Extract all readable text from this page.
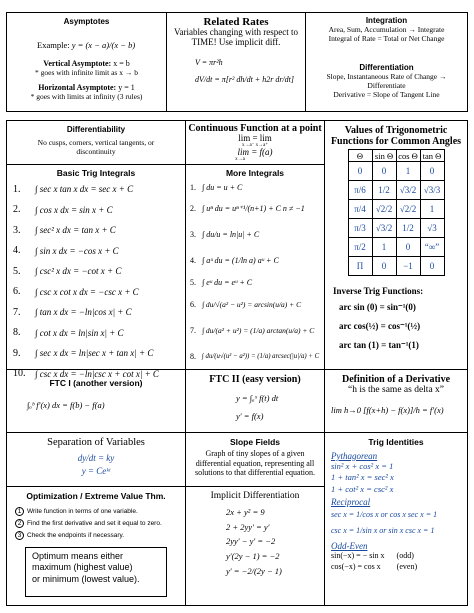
Asymptotes
Example: y = (x − a)/(x − b)
Vertical Asymptote: x = b
* goes with infinite limit as x → b
Horizontal Asymptote: y = 1
* goes with limits at infinity (3 rules)
Related Rates
Variables changing with respect to
TIME! Use implicit diff.
V = πr²h
dV/dt = π[r² dh/dt + h2r dr/dt]
Integration
Area, Sum, Accumulation → Integrate
Integral of Rate = Total or Net Change
Differentiation
Slope, Instantaneous Rate of Change →
Differentiate
Derivative = Slope of Tangent Line
Differentiability
No cusps, corners, vertical tangents, or
discontinuity
Basic Trig Integrals
1.	∫ sec x tan x dx = sec x + C
2.	∫ cos x dx = sin x + C
3.	∫ sec² x dx = tan x + C
4.	∫ sin x dx = −cos x + C
5.	∫ csc² x dx = −cot x + C
6.	∫ csc x cot x dx = −csc x + C
7.	∫ tan x dx = −ln|cos x| + C
8.	∫ cot x dx = ln|sin x| + C
9.	∫ sec x dx = ln|sec x + tan x| + C
10.	∫ csc x dx = −ln|csc x + cot x| + C
Continuous Function at a point
lim = lim
x→a⁻ x→a⁺
lim = f(a)
x→a
More Integrals
1. ∫ du = u + C
2. ∫ uⁿ du = uⁿ⁺¹/(n+1) + C n ≠ −1
3. ∫ du/u = ln|u| + C
4. ∫ aᵘ du = (1/ln a) aᵘ + C
5. ∫ eᵘ du = eᵘ + C
6. ∫ du/√(a² − u²) = arcsin(u/a) + C
7. ∫ du/(a² + u²) = (1/a) arctan(u/a) + C
8. ∫ du/(u√(u² − a²)) = (1/a) arcsec(|u|/a) + C
Values of Trigonometric
Functions for Common Angles
Θ	sin Θ	cos Θ	tan Θ
0	0	1	0
π/6	1/2	√3/2	√3/3
π/4	√2/2	√2/2	1
π/3	√3/2	1/2	√3
π/2	1	0	“∞”
Π	0	−1	0
Inverse Trig Functions:
arc sin (0) = sin⁻¹(0)
arc cos(½) = cos⁻¹(½)
arc tan (1) = tan⁻¹(1)
FTC I (another version)
∫ₐᵇ f′(x) dx = f(b) − f(a)
FTC II (easy version)
y = ∫ₐˣ f(t) dt
y′ = f(x)
Definition of a Derivative
“h is the same as delta x”
lim h→0 [f(x+h) − f(x)]/h = f′(x)
Separation of Variables
dy/dt = ky
y = Ceᵏᵗ
Slope Fields
Graph of tiny slopes of a given
differential equation, representing all
solutions to that differential equation.
Trig Identities
Pythagorean
sin² x + cos² x = 1
1 + tan² x = sec² x
1 + cot² x = csc² x
Reciprocal
sec x = 1/cos x or cos x sec x = 1
csc x = 1/sin x or sin x csc x = 1
Odd-Even
sin(−x) = − sin x      (odd)
cos(−x) = cos x        (even)
Optimization / Extreme Value Thm.
1 Write function in terms of one variable.
2 Find the first derivative and set it equal to zero.
3 Check the endpoints if necessary.
Optimum means either
maximum (highest value)
or minimum (lowest value).
Implicit Differentiation
2x + y² = 9
2 + 2yy′ = y′
2yy′ − y′ = −2
y′(2y − 1) = −2
y′ = −2/(2y − 1)
